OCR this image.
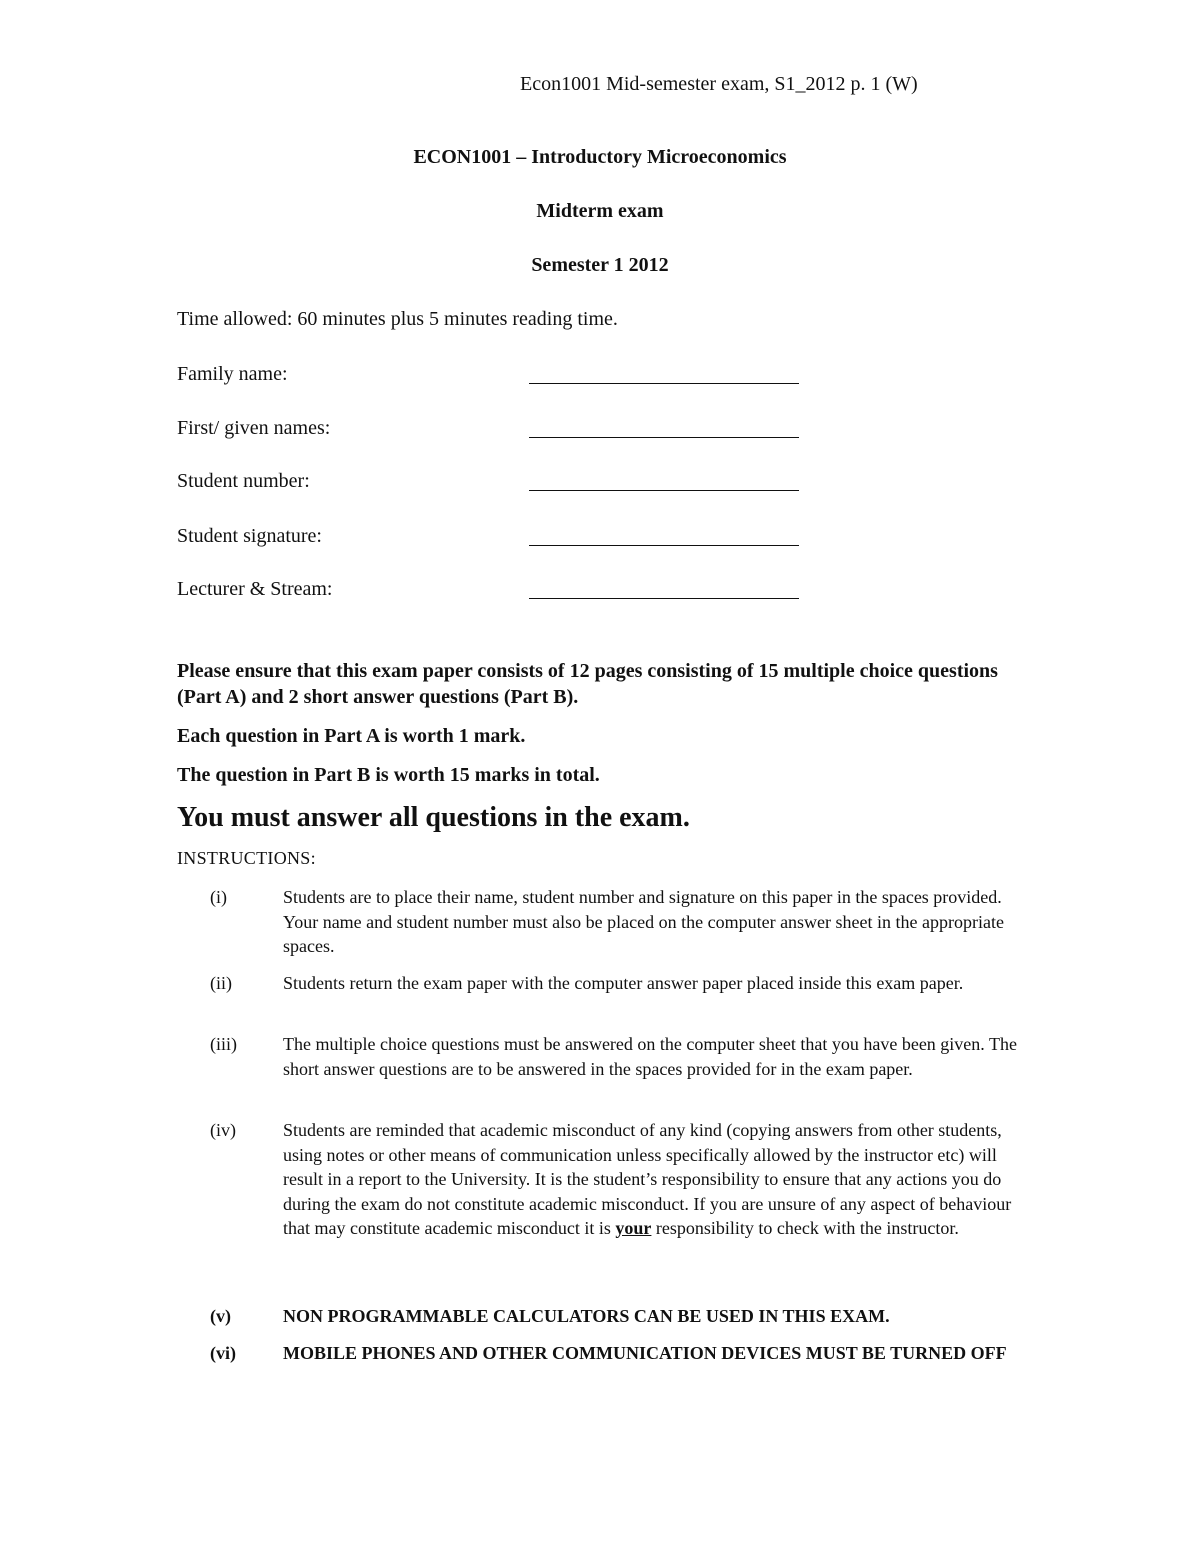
Econ1001 Mid-semester exam, S1_2012 p. 1 (W)
ECON1001 – Introductory Microeconomics
Midterm exam
Semester 1 2012
Time allowed: 60 minutes plus 5 minutes reading time.
Family name:
First/ given names:
Student number:
Student signature:
Lecturer & Stream:
Please ensure that this exam paper consists of 12 pages consisting of 15 multiple choice questions (Part A) and 2 short answer questions (Part B).
Each question in Part A is worth 1 mark.
The question in Part B is worth 15 marks in total.
You must answer all questions in the exam.
INSTRUCTIONS:
(i)	Students are to place their name, student number and signature on this paper in the spaces provided. Your name and student number must also be placed on the computer answer sheet in the appropriate spaces.
(ii)	Students return the exam paper with the computer answer paper placed inside this exam paper.
(iii)	The multiple choice questions must be answered on the computer sheet that you have been given. The short answer questions are to be answered in the spaces provided for in the exam paper.
(iv)	Students are reminded that academic misconduct of any kind (copying answers from other students, using notes or other means of communication unless specifically allowed by the instructor etc) will result in a report to the University. It is the student’s responsibility to ensure that any actions you do during the exam do not constitute academic misconduct. If you are unsure of any aspect of behaviour that may constitute academic misconduct it is your responsibility to check with the instructor.
(v)	NON PROGRAMMABLE CALCULATORS CAN BE USED IN THIS EXAM.
(vi)	MOBILE PHONES AND OTHER COMMUNICATION DEVICES MUST BE TURNED OFF
